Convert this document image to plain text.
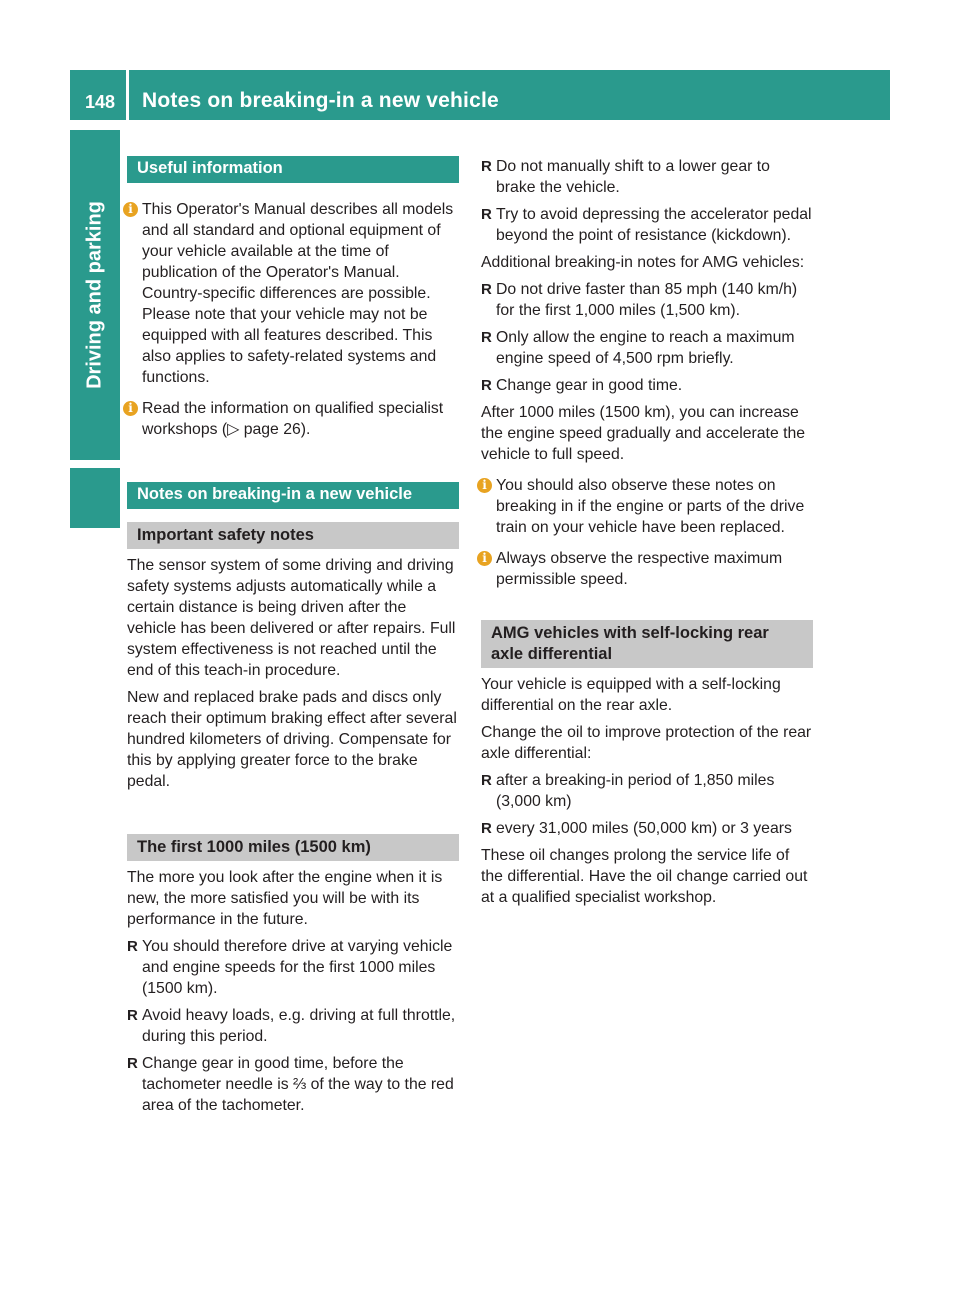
148 Notes on breaking-in a new vehicle
Driving and parking
Useful information
i This Operator's Manual describes all models and all standard and optional equipment of your vehicle available at the time of publication of the Operator's Manual. Country-specific differences are possible. Please note that your vehicle may not be equipped with all features described. This also applies to safety-related systems and functions.

i Read the information on qualified specialist workshops (▷ page 26).

Notes on breaking-in a new vehicle
Important safety notes

The sensor system of some driving and driving safety systems adjusts automatically while a certain distance is being driven after the vehicle has been delivered or after repairs. Full system effectiveness is not reached until the end of this teach-in procedure.

New and replaced brake pads and discs only reach their optimum braking effect after several hundred kilometers of driving. Compensate for this by applying greater force to the brake pedal.

The first 1000 miles (1500 km)

The more you look after the engine when it is new, the more satisfied you will be with its performance in the future.

R You should therefore drive at varying vehicle and engine speeds for the first 1000 miles (1500 km).

R Avoid heavy loads, e.g. driving at full throttle, during this period.

R Change gear in good time, before the tachometer needle is ⅔ of the way to the red area of the tachometer.

R Do not manually shift to a lower gear to brake the vehicle.

R Try to avoid depressing the accelerator pedal beyond the point of resistance (kickdown).

Additional breaking-in notes for AMG vehicles:

R Do not drive faster than 85 mph (140 km/h) for the first 1,000 miles (1,500 km).

R Only allow the engine to reach a maximum engine speed of 4,500 rpm briefly.

R Change gear in good time.

After 1000 miles (1500 km), you can increase the engine speed gradually and accelerate the vehicle to full speed.

i You should also observe these notes on breaking in if the engine or parts of the drive train on your vehicle have been replaced.

i Always observe the respective maximum permissible speed.

AMG vehicles with self-locking rear axle differential

Your vehicle is equipped with a self-locking differential on the rear axle.

Change the oil to improve protection of the rear axle differential:

R after a breaking-in period of 1,850 miles (3,000 km)

R every 31,000 miles (50,000 km) or 3 years

These oil changes prolong the service life of the differential. Have the oil change carried out at a qualified specialist workshop.
